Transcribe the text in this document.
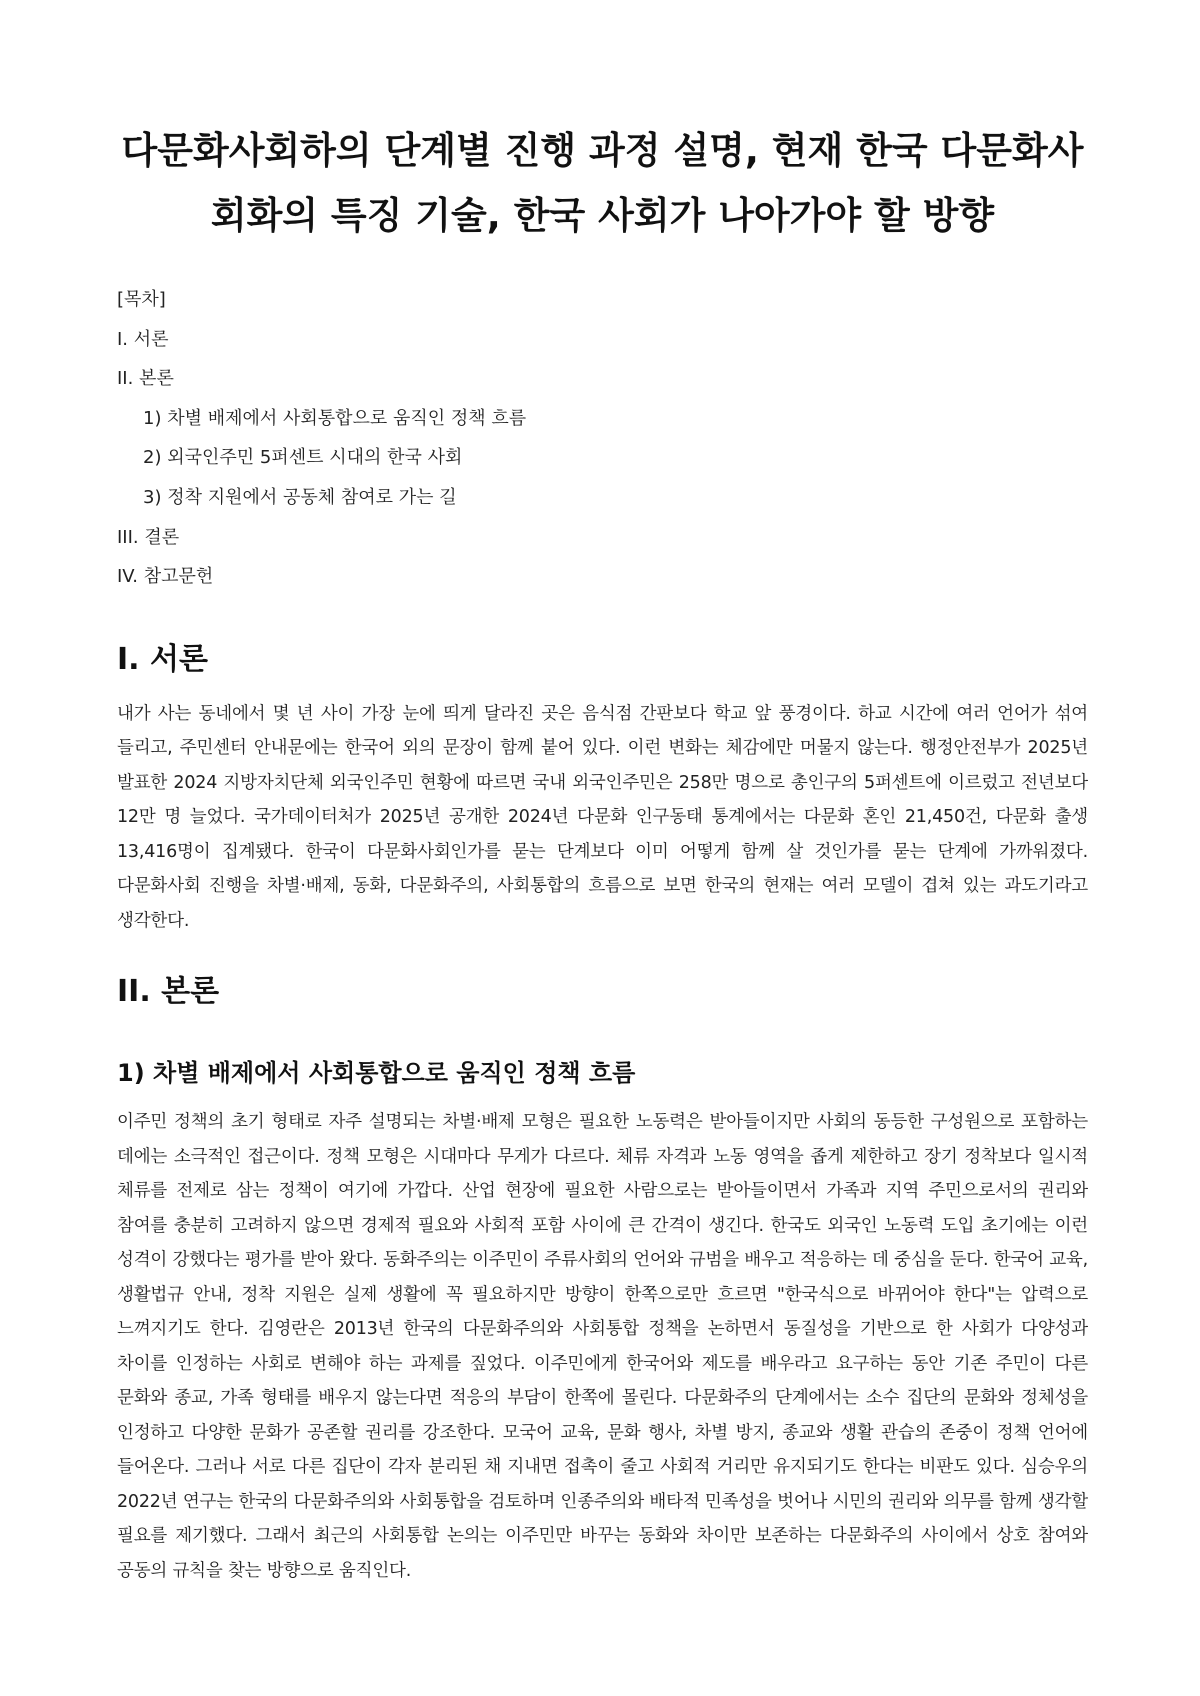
다문화사회하의 단계별 진행 과정 설명, 현재 한국 다문화사회화의 특징 기술, 한국 사회가 나아가야 할 방향
[목차]
I. 서론
II. 본론
1) 차별 배제에서 사회통합으로 움직인 정책 흐름
2) 외국인주민 5퍼센트 시대의 한국 사회
3) 정착 지원에서 공동체 참여로 가는 길
III. 결론
IV. 참고문헌
I. 서론

내가 사는 동네에서 몇 년 사이 가장 눈에 띄게 달라진 곳은 음식점 간판보다 학교 앞 풍경이다. 하교 시간에 여러 언어가 섞여 들리고, 주민센터 안내문에는 한국어 외의 문장이 함께 붙어 있다. 이런 변화는 체감에만 머물지 않는다. 행정안전부가 2025년 발표한 2024 지방자치단체 외국인주민 현황에 따르면 국내 외국인주민은 258만 명으로 총인구의 5퍼센트에 이르렀고 전년보다 12만 명 늘었다. 국가데이터처가 2025년 공개한 2024년 다문화 인구동태 통계에서는 다문화 혼인 21,450건, 다문화 출생 13,416명이 집계됐다. 한국이 다문화사회인가를 묻는 단계보다 이미 어떻게 함께 살 것인가를 묻는 단계에 가까워졌다. 다문화사회 진행을 차별·배제, 동화, 다문화주의, 사회통합의 흐름으로 보면 한국의 현재는 여러 모델이 겹쳐 있는 과도기라고 생각한다.

II. 본론
1) 차별 배제에서 사회통합으로 움직인 정책 흐름

이주민 정책의 초기 형태로 자주 설명되는 차별·배제 모형은 필요한 노동력은 받아들이지만 사회의 동등한 구성원으로 포함하는 데에는 소극적인 접근이다. 정책 모형은 시대마다 무게가 다르다. 체류 자격과 노동 영역을 좁게 제한하고 장기 정착보다 일시적 체류를 전제로 삼는 정책이 여기에 가깝다. 산업 현장에 필요한 사람으로는 받아들이면서 가족과 지역 주민으로서의 권리와 참여를 충분히 고려하지 않으면 경제적 필요와 사회적 포함 사이에 큰 간격이 생긴다. 한국도 외국인 노동력 도입 초기에는 이런 성격이 강했다는 평가를 받아 왔다. 동화주의는 이주민이 주류사회의 언어와 규범을 배우고 적응하는 데 중심을 둔다. 한국어 교육, 생활법규 안내, 정착 지원은 실제 생활에 꼭 필요하지만 방향이 한쪽으로만 흐르면 "한국식으로 바뀌어야 한다"는 압력으로 느껴지기도 한다. 김영란은 2013년 한국의 다문화주의와 사회통합 정책을 논하면서 동질성을 기반으로 한 사회가 다양성과 차이를 인정하는 사회로 변해야 하는 과제를 짚었다. 이주민에게 한국어와 제도를 배우라고 요구하는 동안 기존 주민이 다른 문화와 종교, 가족 형태를 배우지 않는다면 적응의 부담이 한쪽에 몰린다. 다문화주의 단계에서는 소수 집단의 문화와 정체성을 인정하고 다양한 문화가 공존할 권리를 강조한다. 모국어 교육, 문화 행사, 차별 방지, 종교와 생활 관습의 존중이 정책 언어에 들어온다. 그러나 서로 다른 집단이 각자 분리된 채 지내면 접촉이 줄고 사회적 거리만 유지되기도 한다는 비판도 있다. 심승우의 2022년 연구는 한국의 다문화주의와 사회통합을 검토하며 인종주의와 배타적 민족성을 벗어나 시민의 권리와 의무를 함께 생각할 필요를 제기했다. 그래서 최근의 사회통합 논의는 이주민만 바꾸는 동화와 차이만 보존하는 다문화주의 사이에서 상호 참여와 공동의 규칙을 찾는 방향으로 움직인다.
